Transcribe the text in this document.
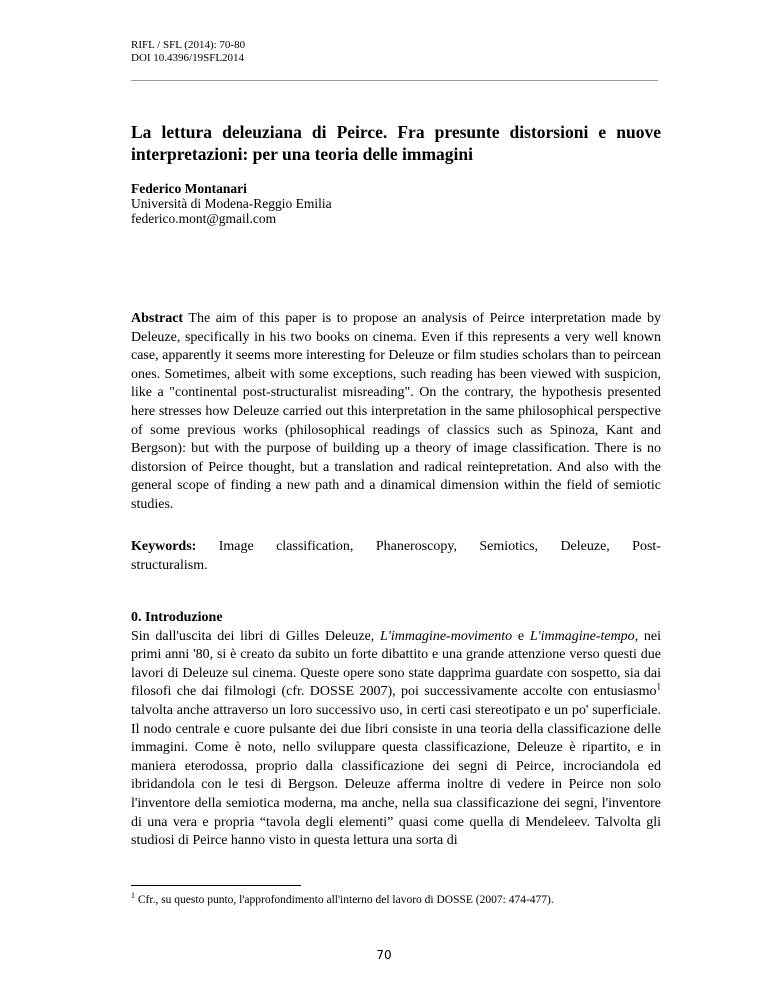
RIFL / SFL (2014): 70-80
DOI 10.4396/19SFL2014
La lettura deleuziana di Peirce. Fra presunte distorsioni e nuove interpretazioni: per una teoria delle immagini
Federico Montanari
Università di Modena-Reggio Emilia
federico.mont@gmail.com

Abstract The aim of this paper is to propose an analysis of Peirce interpretation made by Deleuze, specifically in his two books on cinema. Even if this represents a very well known case, apparently it seems more interesting for Deleuze or film studies scholars than to peircean ones. Sometimes, albeit with some exceptions, such reading has been viewed with suspicion, like a "continental post-structuralist misreading". On the contrary, the hypothesis presented here stresses how Deleuze carried out this interpretation in the same philosophical perspective of some previous works (philosophical readings of classics such as Spinoza, Kant and Bergson): but with the purpose of building up a theory of image classification. There is no distorsion of Peirce thought, but a translation and radical reintepretation. And also with the general scope of finding a new path and a dinamical dimension within the field of semiotic studies.

Keywords: Image classification, Phaneroscopy, Semiotics, Deleuze, Post-
structuralism.
0. Introduzione

Sin dall'uscita dei libri di Gilles Deleuze, L'immagine-movimento e L'immagine-tempo, nei primi anni '80, si è creato da subito un forte dibattito e una grande attenzione verso questi due lavori di Deleuze sul cinema. Queste opere sono state dapprima guardate con sospetto, sia dai filosofi che dai filmologi (cfr. DOSSE 2007), poi successivamente accolte con entusiasmo$^1$ talvolta anche attraverso un loro successivo uso, in certi casi stereotipato e un po' superficiale. Il nodo centrale e cuore pulsante dei due libri consiste in una teoria della classificazione delle immagini. Come è noto, nello sviluppare questa classificazione, Deleuze è ripartito, e in maniera eterodossa, proprio dalla classificazione dei segni di Peirce, incrociandola ed ibridandola con le tesi di Bergson. Deleuze afferma inoltre di vedere in Peirce non solo l'inventore della semiotica moderna, ma anche, nella sua classificazione dei segni, l'inventore di una vera e propria “tavola degli elementi” quasi come quella di Mendeleev. Talvolta gli studiosi di Peirce hanno visto in questa lettura una sorta di

$^1$ Cfr., su questo punto, l'approfondimento all'interno del lavoro di DOSSE (2007: 474-477).
70
